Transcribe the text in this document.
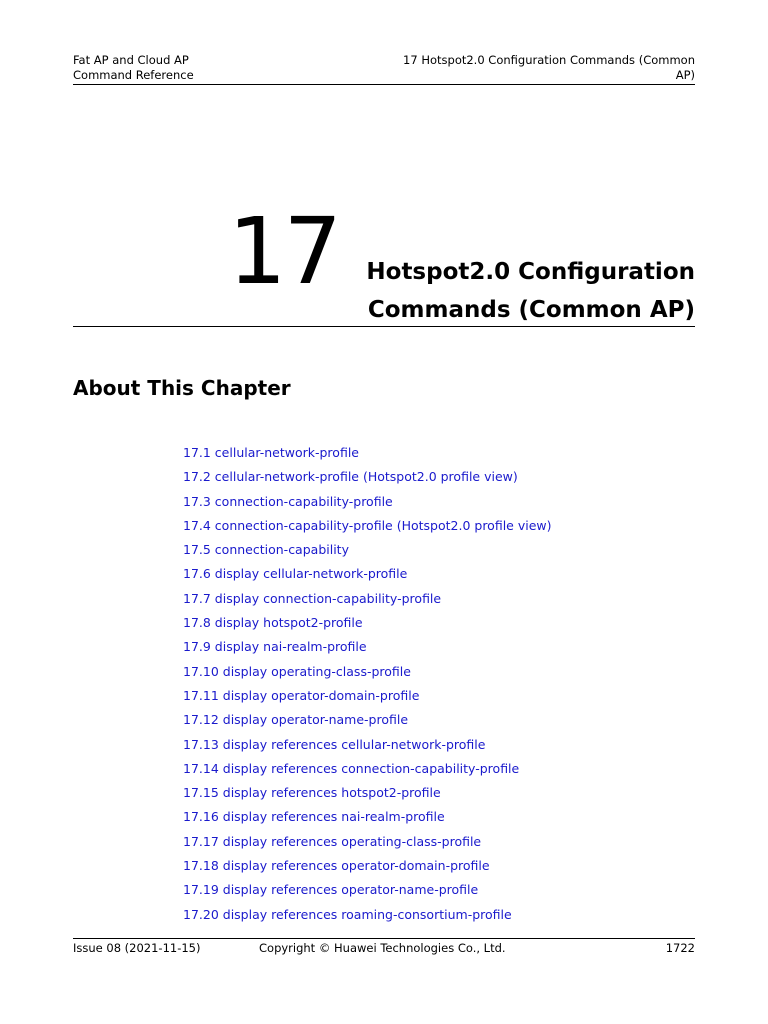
Fat AP and Cloud AP
Command Reference
17 Hotspot2.0 Configuration Commands (Common
AP)
17	Hotspot2.0 Configuration
Commands (Common AP)
About This Chapter
17.1 cellular-network-profile
17.2 cellular-network-profile (Hotspot2.0 profile view)
17.3 connection-capability-profile
17.4 connection-capability-profile (Hotspot2.0 profile view)
17.5 connection-capability
17.6 display cellular-network-profile
17.7 display connection-capability-profile
17.8 display hotspot2-profile
17.9 display nai-realm-profile
17.10 display operating-class-profile
17.11 display operator-domain-profile
17.12 display operator-name-profile
17.13 display references cellular-network-profile
17.14 display references connection-capability-profile
17.15 display references hotspot2-profile
17.16 display references nai-realm-profile
17.17 display references operating-class-profile
17.18 display references operator-domain-profile
17.19 display references operator-name-profile
17.20 display references roaming-consortium-profile
Issue 08 (2021-11-15)	Copyright © Huawei Technologies Co., Ltd.	1722
